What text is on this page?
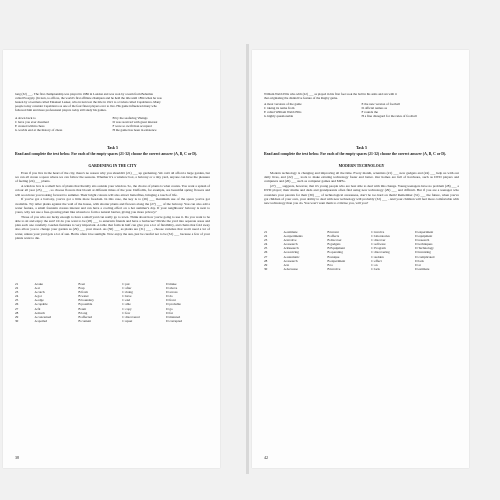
long (32) ___. The first championship was played in 1986 in London and was won by a team from Bohemia
called Prosyply. (In turn, to offices, the world's first affiliate champion and he held the title until 1894 when he was
beaten by a German called Emanuel Lasker, who in turn lost the title in 1921 to a Cuban called Capablanca. Many
people today consider Capablanca as one of the four finest players ever to live. His game influenced many who
followed him and more professional players today still study his games.
A down back to	B by the seafaring Vikings
C have you ever dreamed	D was received with great interest
E created within chess	F were so swift than accepted
G worlds end at the history of chess	H the game has been in existence
Task 5
Read and complete the text below. For each of the empty spaces (21-32) choose the correct answer (A, B, C or D).
GARDENING IN THE CITY

Even if you live in the heart of the city, there's no reason why you shouldn't (21) ___ up gardening. We can't all afford a large garden, but we can all create a space where we can follow the seasons. Whether it's a window box, a balcony or a tiny yard, anyone can have the pleasure of feeling (24) ___ plants.

A window box is a small box of plants that literally sits outside your window. So, the choice of plants is what counts. You want a splash of colour all year (25) ___ , so choose flowers that bloom at different times of the year. Daffodils, for example, are beautiful spring flowers and will soon have you looking forward to summer. Their bright colours will also attract butterflies, bringing a touch of life.

If you've got a balcony, you've got a little more freedom. In this case, the key is to (26) ___ maximum use of the space you've got available. Try taller plants against the wall of the house, with shorter plants and flowers along the (27) ___ of the balcony. You can also add a water feature, a small fountain creates interest and can have a cooling effect on a hot summer's day. If your neighbours' balcony is next to yours, why not use a free-growing plant like wisteria to form a natural barrier, giving you more privacy?

Those of you who are lucky enough to have a small yard can really go to town. Think about how you're going to use it. Do you want to be able to sit and enjoy the sun? Or do you want to be (28) ___ to entertain friends and have a barbecue? Divide the yard into separate areas and plan each one carefully. Garden furniture is very important. A table that folds in half can give you a lot of flexibility, and chairs that fold away also allow you to change your garden as (29) ___ your mood. As (30) ___ as plants are (31) ___ , choose varieties that won't need a lot of water, unless your yard gets a lot of sun. Herbs often love sunlight. Now enjoy the sun, just be careful not to be (32) ___ because a few of your plants want to die.

21	A take	B set	C put	D make
22	A at	B up	C after	D above
23	A catch	B from	C rising	D across
24	A got	B water	C have	D do
25	A edge	B boundary	C end	D front
26	A capable	B possible	C able	D probable
27	A fit	B suit	C copy	D go
28	A much	B long	C few	D far
29	A concerned	B affected	C discovered	D matured
30	A spoiled	B content	C upset	D corrupted
38
William Webb Ellis who with (22) ___ as played in his first foot took the ball in his arms and ran with it
that originating the distinctive feature of the Rugby game.
A most versions of the game	E the new version of football
C taking its name from	D official names as
E called William Webb Ellis	F rounds the
G highly questionable	H a fine disregard for the rules of football
Task 5
Read and complete the text below. For each of the empty spaces (21-32) choose the correct answer (A, B, C or D).
MODERN TECHNOLOGY

Modern technology is changing and improving all the time. Every month, scientists (21) ___ new gadgets and (24) ___ help us with our daily lives, and (22) ___ tools to make existing technology faster and better. Our homes are full of hardware, such as DVD players and computers and (26) ___ such as computer games and MP3s.

(27) ___ suggests, however, that it's young people who are best able to deal with this change. Young teenagers have no problem (28) ___ a DVD player; their mums and dads and grandparents often find using new technology (29) ___ and difficult. But if you are a teenager who considers your parents for their (30) ___ of technological awareness, don't be too hard on them! Remember (31) ___ the future, when you've got children of your own, your ability to deal with new technology will probably (32) ___ . And your children will feel more comfortable with new technology than you do. You won't want them to criticise you, will you?

21	A estimate	B invent	C involve	D experiment
22	A experiments	B affects	C laboratories	D equipment
23	A involve	B discover	C discover	D research
24	A research	B gadgets	C software	D techniques
25	A Research	B Equipment	C Program	D Technology
26	A receiving	B operating	C discovering	D inventing
27	A automatic	B unique	C sudden	D complicated
28	A research	B experiment	C effect	D lack
29	A in	B to	C on	D at
30	A decrease	B involve	C lack	D estimate
42
